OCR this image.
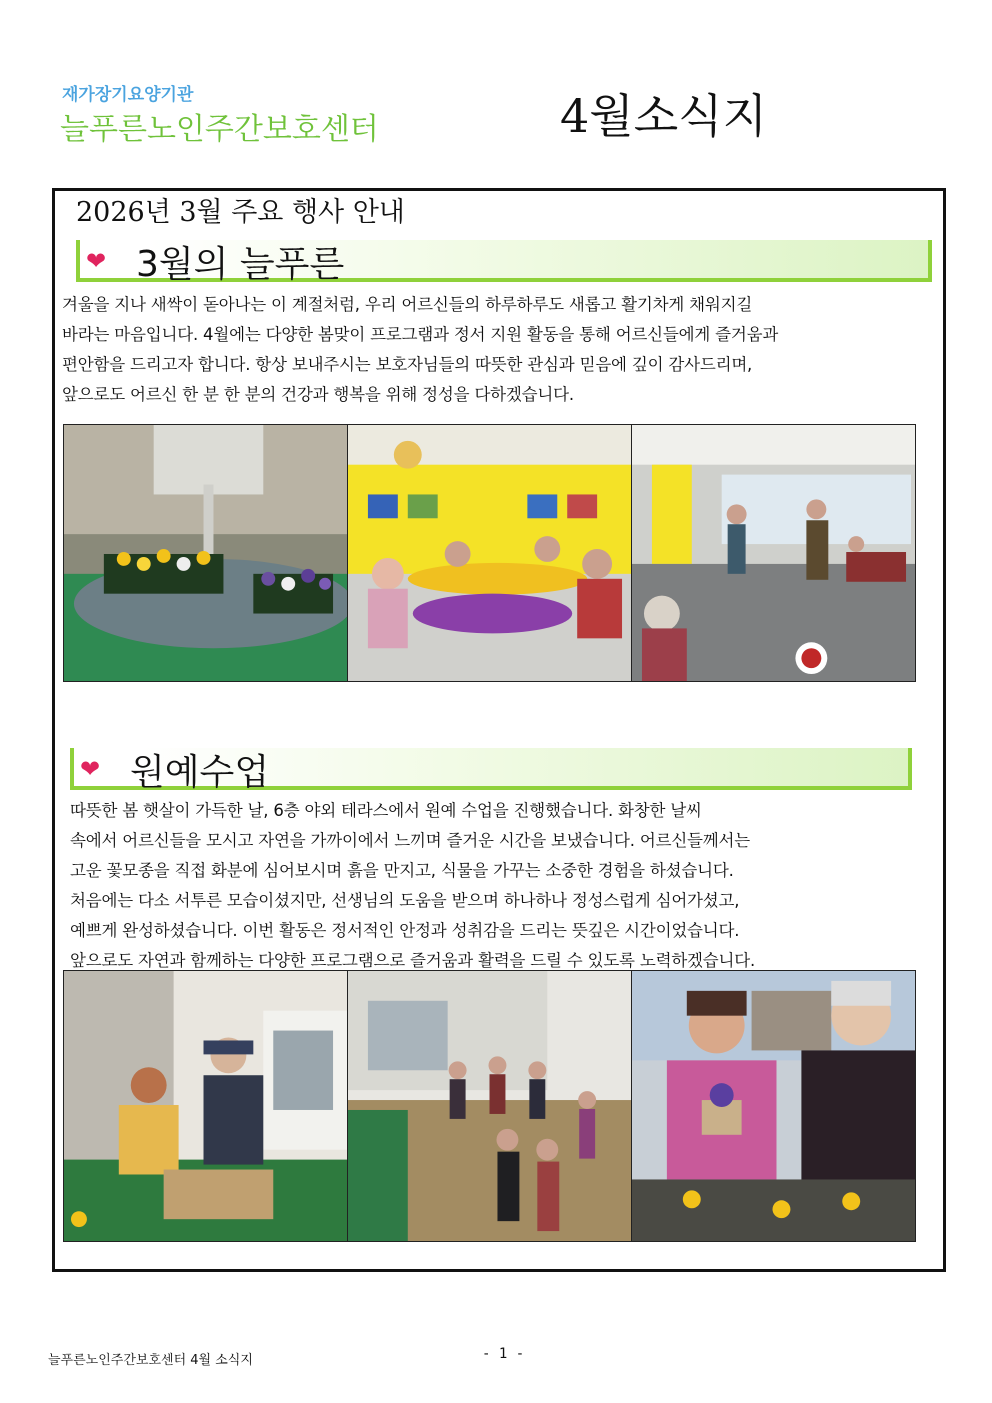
재가장기요양기관
늘푸른노인주간보호센터	4월소식지
2026년 3월 주요 행사 안내
❤ 3월의 늘푸른
겨울을 지나 새싹이 돋아나는 이 계절처럼, 우리 어르신들의 하루하루도 새롭고 활기차게 채워지길
바라는 마음입니다. 4월에는 다양한 봄맞이 프로그램과 정서 지원 활동을 통해 어르신들에게 즐거움과
편안함을 드리고자 합니다. 항상 보내주시는 보호자님들의 따뜻한 관심과 믿음에 깊이 감사드리며,
앞으로도 어르신 한 분 한 분의 건강과 행복을 위해 정성을 다하겠습니다.
❤ 원예수업
따뜻한 봄 햇살이 가득한 날, 6층 야외 테라스에서 원예 수업을 진행했습니다. 화창한 날씨
속에서 어르신들을 모시고 자연을 가까이에서 느끼며 즐거운 시간을 보냈습니다. 어르신들께서는
고운 꽃모종을 직접 화분에 심어보시며 흙을 만지고, 식물을 가꾸는 소중한 경험을 하셨습니다.
처음에는 다소 서투른 모습이셨지만, 선생님의 도움을 받으며 하나하나 정성스럽게 심어가셨고,
예쁘게 완성하셨습니다. 이번 활동은 정서적인 안정과 성취감을 드리는 뜻깊은 시간이었습니다.
앞으로도 자연과 함께하는 다양한 프로그램으로 즐거움과 활력을 드릴 수 있도록 노력하겠습니다.
늘푸른노인주간보호센터 4월 소식지	- 1 -
